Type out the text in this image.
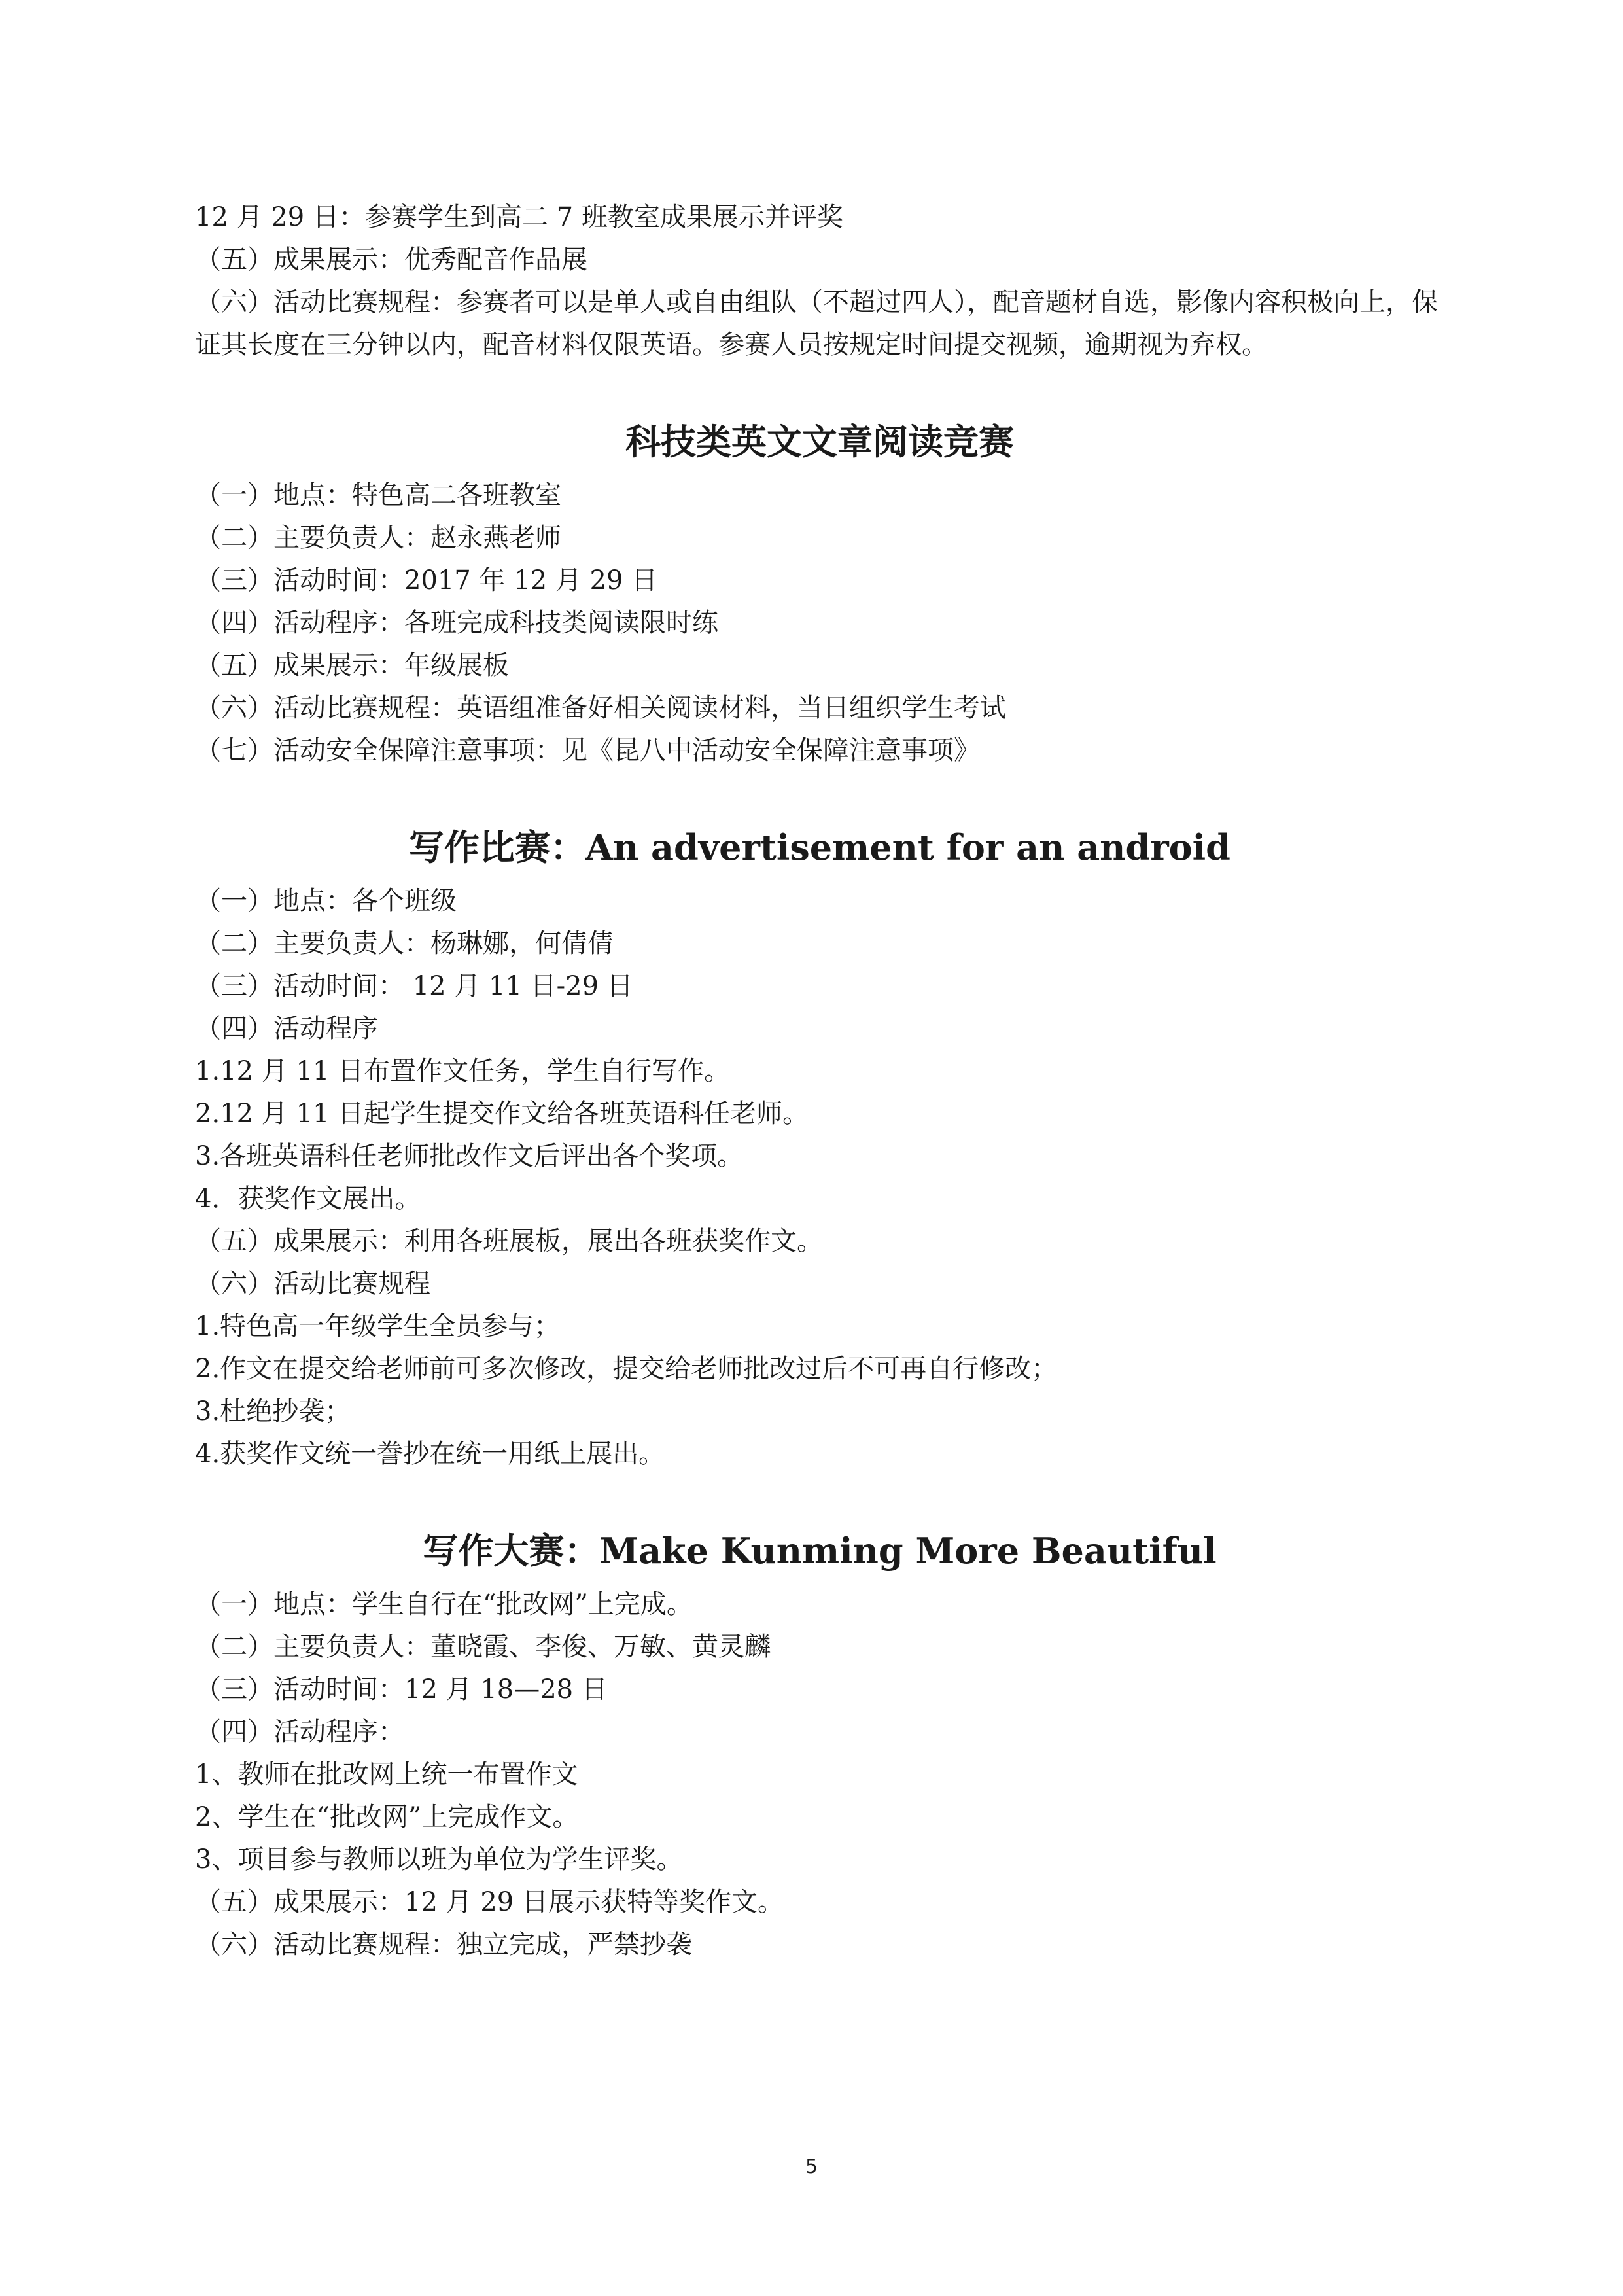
12 月 29 日：参赛学生到高二 7 班教室成果展示并评奖
（五）成果展示：优秀配音作品展
（六）活动比赛规程：参赛者可以是单人或自由组队（不超过四人），配音题材自选，影像内容积极向上，保证其长度在三分钟以内，配音材料仅限英语。参赛人员按规定时间提交视频，逾期视为弃权。
科技类英文文章阅读竞赛
（一）地点：特色高二各班教室
（二）主要负责人：赵永燕老师
（三）活动时间：2017 年 12 月 29 日
（四）活动程序：各班完成科技类阅读限时练
（五）成果展示：年级展板
（六）活动比赛规程：英语组准备好相关阅读材料，当日组织学生考试
（七）活动安全保障注意事项：见《昆八中活动安全保障注意事项》
写作比赛：An advertisement for an android
（一）地点：各个班级
（二）主要负责人：杨琳娜，何倩倩
（三）活动时间： 12 月 11 日-29 日
（四）活动程序
1.12 月 11 日布置作文任务，学生自行写作。
2.12 月 11 日起学生提交作文给各班英语科任老师。
3.各班英语科任老师批改作文后评出各个奖项。
4．获奖作文展出。
（五）成果展示：利用各班展板，展出各班获奖作文。
（六）活动比赛规程
1.特色高一年级学生全员参与；
2.作文在提交给老师前可多次修改，提交给老师批改过后不可再自行修改；
3.杜绝抄袭；
4.获奖作文统一誊抄在统一用纸上展出。
写作大赛：Make Kunming More Beautiful
（一）地点：学生自行在“批改网”上完成。
（二）主要负责人：董晓霞、李俊、万敏、黄灵麟
（三）活动时间：12 月 18—28 日
（四）活动程序：
1、教师在批改网上统一布置作文
2、学生在“批改网”上完成作文。
3、项目参与教师以班为单位为学生评奖。
（五）成果展示：12 月 29 日展示获特等奖作文。
（六）活动比赛规程：独立完成，严禁抄袭
5
